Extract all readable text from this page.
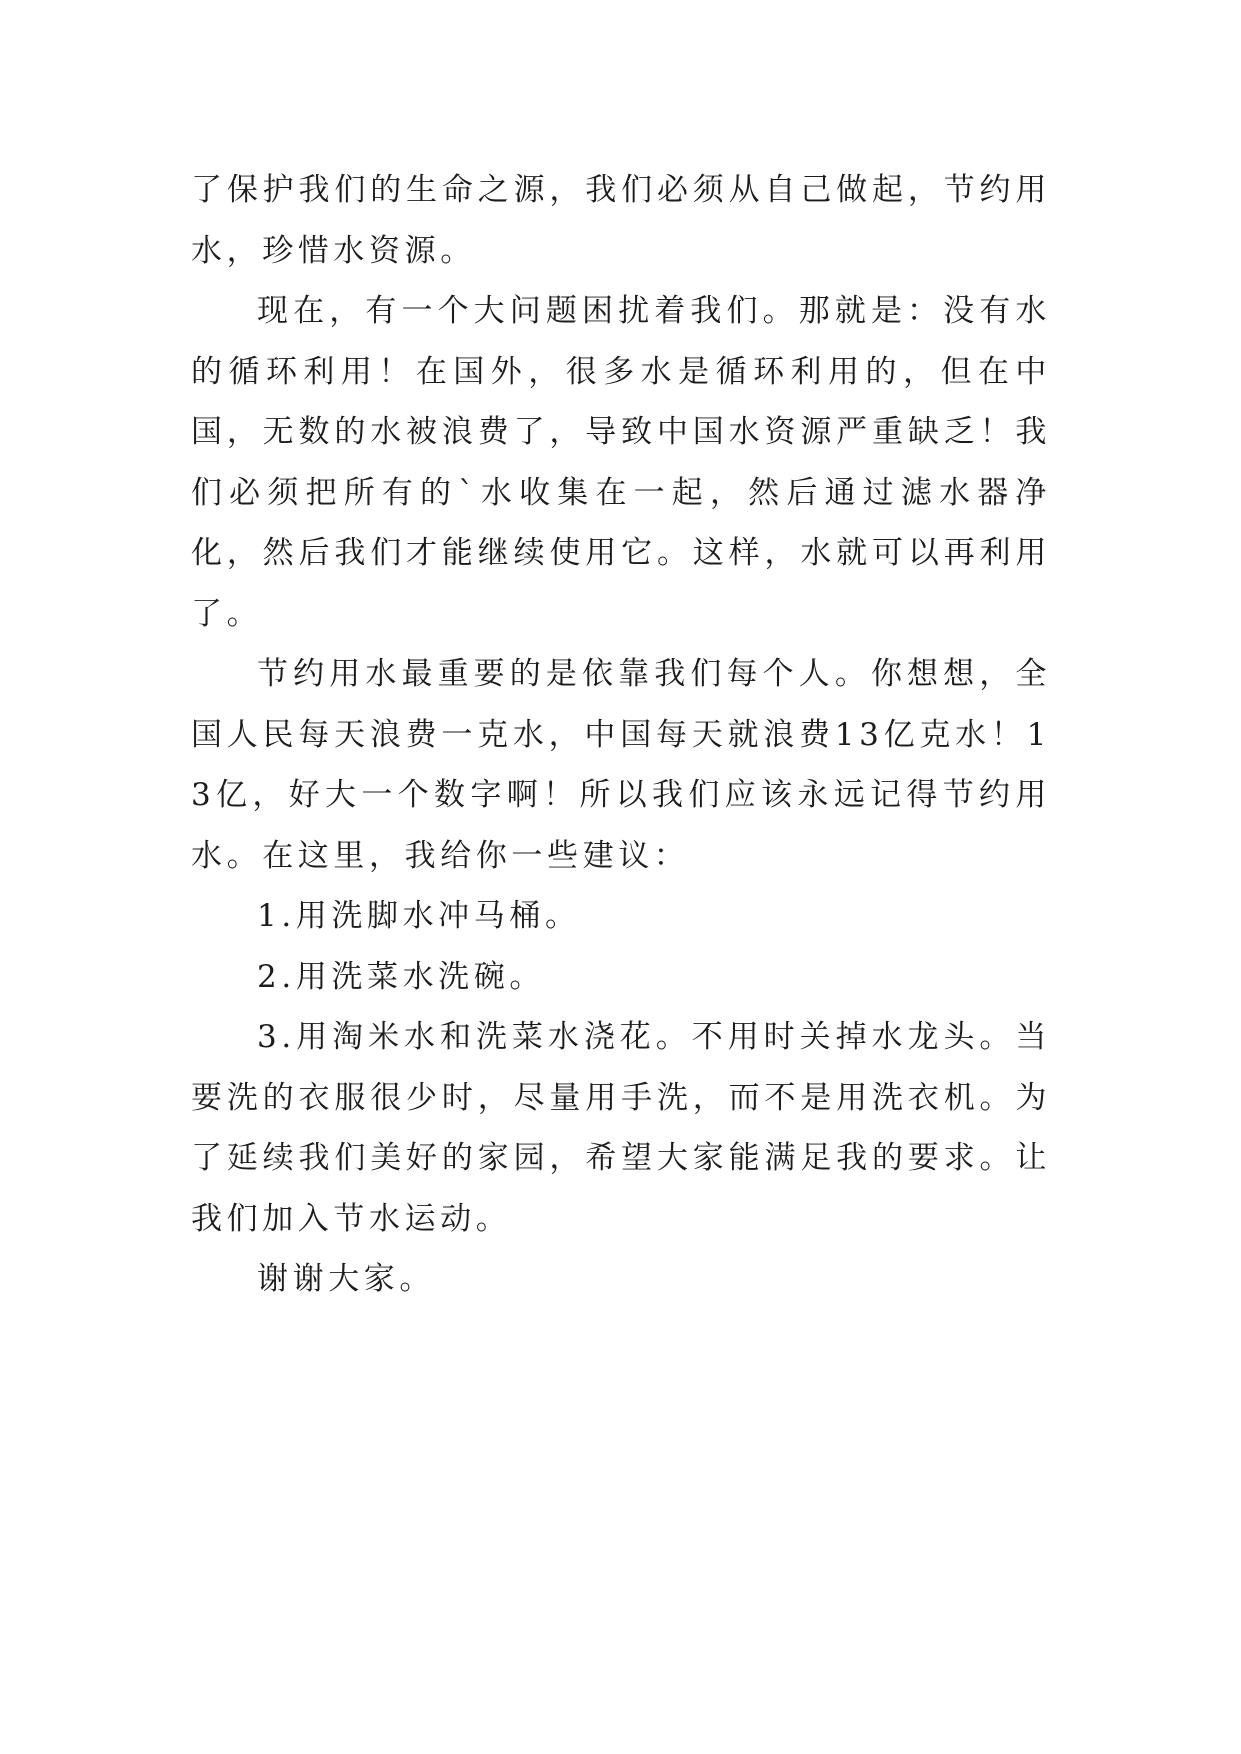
了保护我们的生命之源，我们必须从自己做起，节约用水，珍惜水资源。

现在，有一个大问题困扰着我们。那就是：没有水的循环利用！在国外，很多水是循环利用的，但在中国，无数的水被浪费了，导致中国水资源严重缺乏！我们必须把所有的`水收集在一起，然后通过滤水器净化，然后我们才能继续使用它。这样，水就可以再利用了。

节约用水最重要的是依靠我们每个人。你想想，全国人民每天浪费一克水，中国每天就浪费13亿克水！13亿，好大一个数字啊！所以我们应该永远记得节约用水。在这里，我给你一些建议：

1.用洗脚水冲马桶。

2.用洗菜水洗碗。

3.用淘米水和洗菜水浇花。不用时关掉水龙头。当要洗的衣服很少时，尽量用手洗，而不是用洗衣机。为了延续我们美好的家园，希望大家能满足我的要求。让我们加入节水运动。

谢谢大家。
